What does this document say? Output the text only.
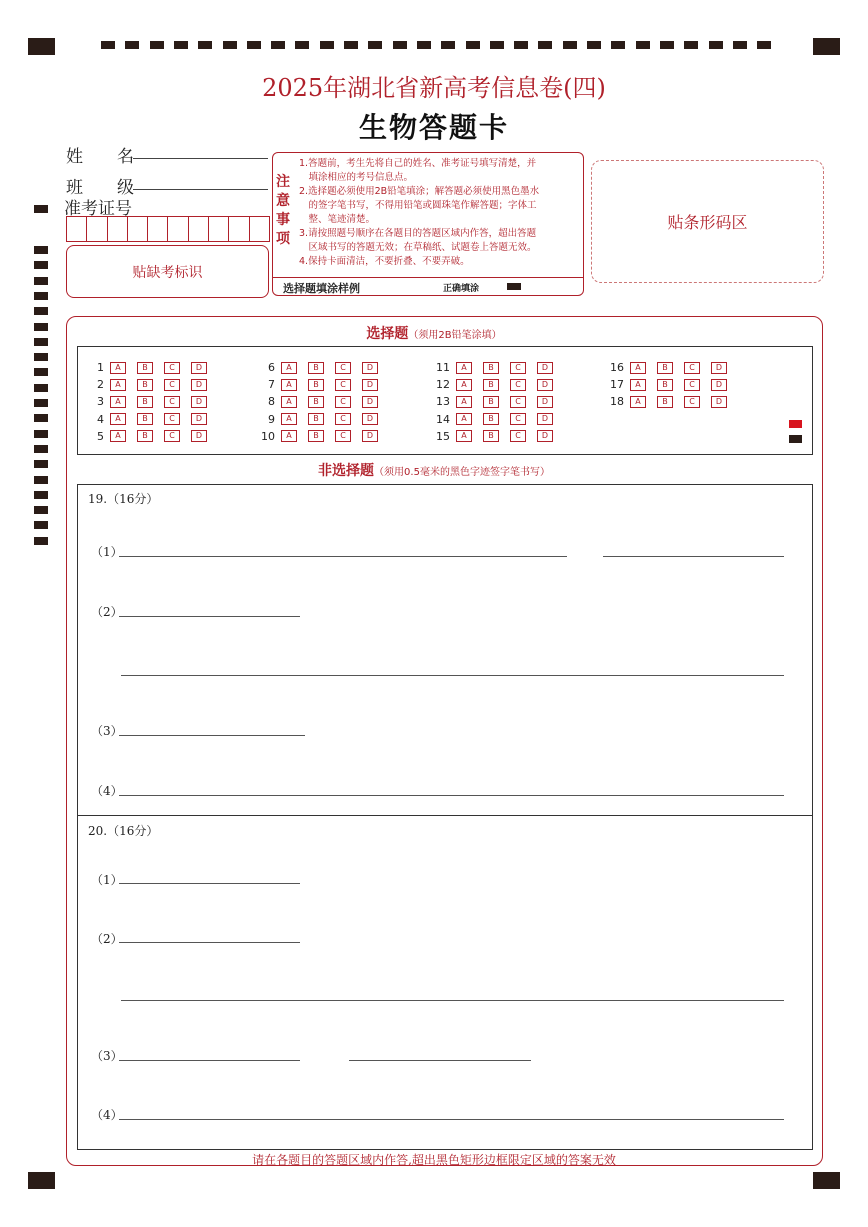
2025年湖北省新高考信息卷(四)
生物答题卡
姓　　名
班　　级
准考证号
贴缺考标识
注
意
事
项
1.答题前，考生先将自己的姓名、准考证号填写清楚，并
　填涂相应的考号信息点。
2.选择题必须使用2B铅笔填涂；解答题必须使用黑色墨水
　的签字笔书写，不得用铅笔或圆珠笔作解答题；字体工
　整、笔迹清楚。
3.请按照题号顺序在各题目的答题区域内作答，超出答题
　区域书写的答题无效；在草稿纸、试题卷上答题无效。
4.保持卡面清洁，不要折叠、不要弄破。
选择题填涂样例	正确填涂
贴条形码区
选择题（须用2B铅笔涂填）
1 A	B	C	D
2 A	B	C	D
3 A	B	C	D
4 A	B	C	D
5 A	B	C	D
6 A	B	C	D
7 A	B	C	D
8 A	B	C	D
9 A	B	C	D
10 A	B	C	D
11 A	B	C	D
12 A	B	C	D
13 A	B	C	D
14 A	B	C	D
15 A	B	C	D
16 A	B	C	D
17 A	B	C	D
18 A	B	C	D
非选择题（须用0.5毫米的黑色字迹签字笔书写）
19.（16分）
（1）
（2）
（3）
（4）
20.（16分）
（1）
（2）
（3）
（4）
请在各题目的答题区域内作答,超出黑色矩形边框限定区域的答案无效
